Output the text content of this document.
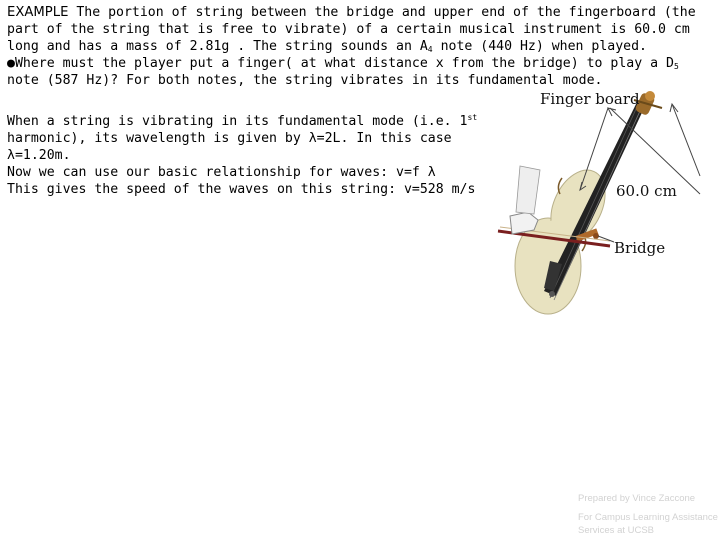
EXAMPLE The portion of string between the bridge and upper end of the fingerboard (the part of the string that is free to vibrate) of a certain musical instrument is 60.0 cm long and has a mass of 2.81g . The string sounds an $A_4$ note (440 Hz) when played.
●Where must the player put a finger( at what distance x from the bridge) to play a $D_5$ note (587 Hz)? For both notes, the string vibrates in its fundamental mode.
When a string is vibrating in its fundamental mode (i.e. 1st harmonic), its wavelength is given by λ=2L. In this case λ=1.20m.
Now we can use our basic relationship for waves: v=f λ
This gives the speed of the waves on this string: v=528 m/s
Finger board
60.0 cm
Bridge
Prepared by Vince Zaccone
For Campus Learning Assistance Services at UCSB
